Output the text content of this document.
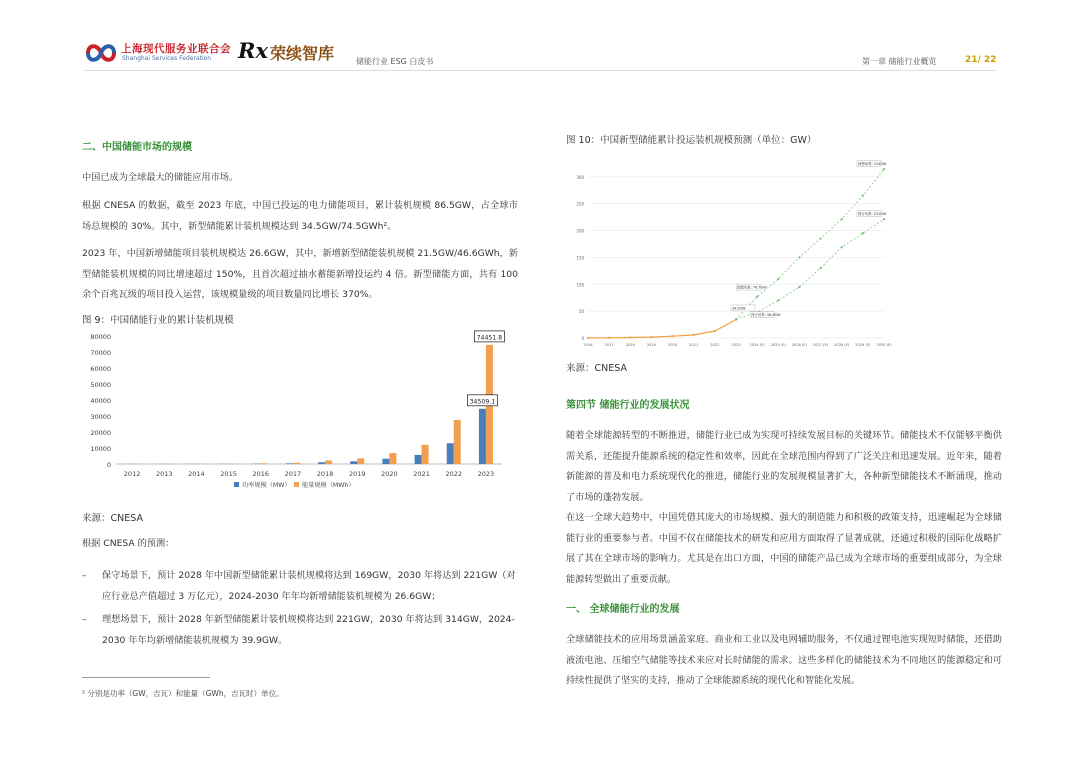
上海现代服务业联合会
Shanghai Services Federation Rx 荣续智库	储能行业 ESG 白皮书	第一章 储能行业概览	21/ 22
二、中国储能市场的规模
中国已成为全球最大的储能应用市场。
根据 CNESA 的数据，截至 2023 年底，中国已投运的电力储能项目，累计装机规模 86.5GW，占全球市场总规模的 30%。其中，新型储能累计装机规模达到 34.5GW/74.5GWh²。
2023 年，中国新增储能项目装机规模达 26.6GW，其中，新增新型储能装机规模 21.5GW/46.6GWh，新型储能装机规模的同比增速超过 150%，且首次超过抽水蓄能新增投运约 4 倍。新型储能方面，共有 100 余个百兆瓦级的项目投入运营，该规模量级的项目数量同比增长 370%。
图 9：中国储能行业的累计装机规模
0
10000
20000
30000
40000
50000
60000
70000
80000
2012 2013 2014 2015 2016 2017 2018 2019 2020 2021 2022 2023
34509.1
74451.8
功率规模（MW） 能量规模（MWh）
来源：CNESA
根据 CNESA 的预测：
– 保守场景下，预计 2028 年中国新型储能累计装机规模将达到 169GW，2030 年将达到 221GW（对应行业总产值超过 3 万亿元），2024-2030 年年均新增储能装机规模为 26.6GW；
– 理想场景下，预计 2028 年新型储能累计装机规模将达到 221GW，2030 年将达到 314GW，2024-2030 年年均新增储能装机规模为 39.9GW。
² 分别是功率（GW，吉瓦）和能量（GWh，吉瓦时）单位。
图 10：中国新型储能累计投运装机规模预测（单位：GW）
0
50
100
150
200
250
300
2016	2017	2018	2019	2020	2021	2022	2023 2024 (E) 2025 (E) 2026 (E) 2027 (E) 2028 (E) 2029 (E) 2030 (E)
理想场景: 314GW
保守场景: 221GW
理想场景: 76.7GW
保守场景: 48.6GW
34.5GW
来源：CNESA
第四节 储能行业的发展状况
随着全球能源转型的不断推进，储能行业已成为实现可持续发展目标的关键环节。储能技术不仅能够平衡供需关系，还能提升能源系统的稳定性和效率，因此在全球范围内得到了广泛关注和迅速发展。近年来，随着新能源的普及和电力系统现代化的推进，储能行业的发展规模显著扩大，各种新型储能技术不断涌现，推动了市场的蓬勃发展。
在这一全球大趋势中，中国凭借其庞大的市场规模、强大的制造能力和积极的政策支持，迅速崛起为全球储能行业的重要参与者。中国不仅在储能技术的研发和应用方面取得了显著成就，还通过积极的国际化战略扩展了其在全球市场的影响力。尤其是在出口方面，中国的储能产品已成为全球市场的重要组成部分，为全球能源转型做出了重要贡献。
一、 全球储能行业的发展
全球储能技术的应用场景涵盖家庭、商业和工业以及电网辅助服务，不仅通过锂电池实现短时储能，还借助液流电池、压缩空气储能等技术来应对长时储能的需求。这些多样化的储能技术为不同地区的能源稳定和可持续性提供了坚实的支持，推动了全球能源系统的现代化和智能化发展。
